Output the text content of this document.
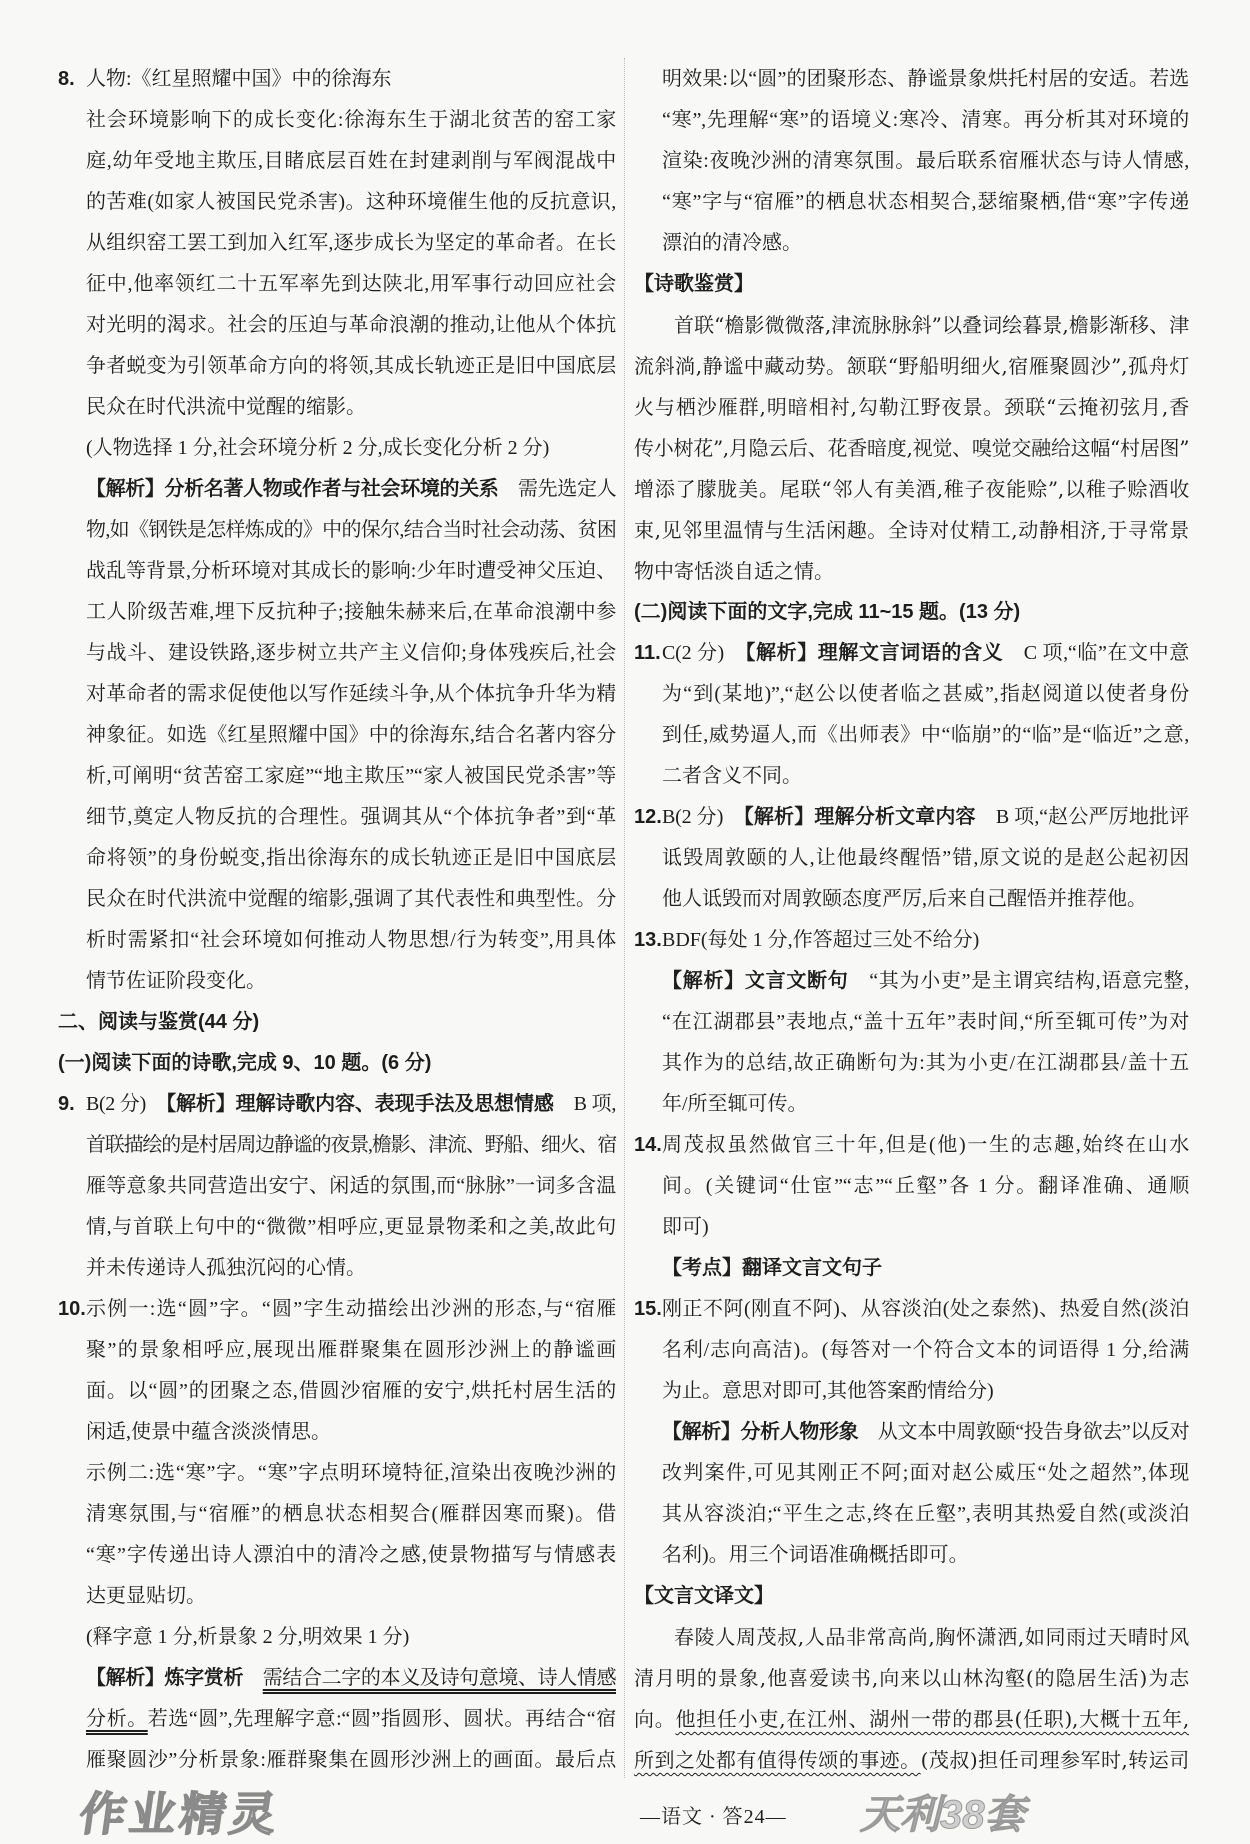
8. 人物:《红星照耀中国》中的徐海东
社会环境影响下的成长变化:徐海东生于湖北贫苦的窑工家
庭,幼年受地主欺压,目睹底层百姓在封建剥削与军阀混战中
的苦难(如家人被国民党杀害)。这种环境催生他的反抗意识,
从组织窑工罢工到加入红军,逐步成长为坚定的革命者。在长
征中,他率领红二十五军率先到达陕北,用军事行动回应社会
对光明的渴求。社会的压迫与革命浪潮的推动,让他从个体抗
争者蜕变为引领革命方向的将领,其成长轨迹正是旧中国底层
民众在时代洪流中觉醒的缩影。
(人物选择 1 分,社会环境分析 2 分,成长变化分析 2 分)
【解析】分析名著人物或作者与社会环境的关系　需先选定人
物,如《钢铁是怎样炼成的》中的保尔,结合当时社会动荡、贫困
战乱等背景,分析环境对其成长的影响:少年时遭受神父压迫、
工人阶级苦难,埋下反抗种子;接触朱赫来后,在革命浪潮中参
与战斗、建设铁路,逐步树立共产主义信仰;身体残疾后,社会
对革命者的需求促使他以写作延续斗争,从个体抗争升华为精
神象征。如选《红星照耀中国》中的徐海东,结合名著内容分
析,可阐明“贫苦窑工家庭”“地主欺压”“家人被国民党杀害”等
细节,奠定人物反抗的合理性。强调其从“个体抗争者”到“革
命将领”的身份蜕变,指出徐海东的成长轨迹正是旧中国底层
民众在时代洪流中觉醒的缩影,强调了其代表性和典型性。分
析时需紧扣“社会环境如何推动人物思想/行为转变”,用具体
情节佐证阶段变化。
二、阅读与鉴赏(44 分)
(一)阅读下面的诗歌,完成 9、10 题。(6 分)
9. B(2 分)　【解析】理解诗歌内容、表现手法及思想情感　B 项,
首联描绘的是村居周边静谧的夜景,檐影、津流、野船、细火、宿
雁等意象共同营造出安宁、闲适的氛围,而“脉脉”一词多含温
情,与首联上句中的“微微”相呼应,更显景物柔和之美,故此句
并未传递诗人孤独沉闷的心情。
10. 示例一:选“圆”字。“圆”字生动描绘出沙洲的形态,与“宿雁
聚”的景象相呼应,展现出雁群聚集在圆形沙洲上的静谧画
面。以“圆”的团聚之态,借圆沙宿雁的安宁,烘托村居生活的
闲适,使景中蕴含淡淡情思。
示例二:选“寒”字。“寒”字点明环境特征,渲染出夜晚沙洲的
清寒氛围,与“宿雁”的栖息状态相契合(雁群因寒而聚)。借
“寒”字传递出诗人漂泊中的清冷之感,使景物描写与情感表
达更显贴切。
(释字意 1 分,析景象 2 分,明效果 1 分)
【解析】炼字赏析　 需结合二字的本义及诗句意境、诗人情感
分析。若选“圆”,先理解字意:“圆”指圆形、圆状。再结合“宿
雁聚圆沙”分析景象:雁群聚集在圆形沙洲上的画面。最后点
明效果:以“圆”的团聚形态、静谧景象烘托村居的安适。若选
“寒”,先理解“寒”的语境义:寒冷、清寒。再分析其对环境的
渲染:夜晚沙洲的清寒氛围。最后联系宿雁状态与诗人情感,
“寒”字与“宿雁”的栖息状态相契合,瑟缩聚栖,借“寒”字传递
漂泊的清冷感。
【诗歌鉴赏】
首联“檐影微微落,津流脉脉斜”以叠词绘暮景,檐影渐移、津
流斜淌,静谧中藏动势。颔联“野船明细火,宿雁聚圆沙”,孤舟灯
火与栖沙雁群,明暗相衬,勾勒江野夜景。颈联“云掩初弦月,香
传小树花”,月隐云后、花香暗度,视觉、嗅觉交融给这幅“村居图”
增添了朦胧美。尾联“邻人有美酒,稚子夜能赊”,以稚子赊酒收
束,见邻里温情与生活闲趣。全诗对仗精工,动静相济,于寻常景
物中寄恬淡自适之情。
(二)阅读下面的文字,完成 11~15 题。(13 分)
11. C(2 分)　【解析】理解文言词语的含义　C 项,“临”在文中意
为“到(某地)”,“赵公以使者临之甚威”,指赵阅道以使者身份
到任,威势逼人,而《出师表》中“临崩”的“临”是“临近”之意,
二者含义不同。
12. B(2 分)　【解析】理解分析文章内容　B 项,“赵公严厉地批评
诋毁周敦颐的人,让他最终醒悟”错,原文说的是赵公起初因
他人诋毁而对周敦颐态度严厉,后来自己醒悟并推荐他。
13. BDF(每处 1 分,作答超过三处不给分)
【解析】文言文断句　“其为小吏”是主谓宾结构,语意完整,
“在江湖郡县”表地点,“盖十五年”表时间,“所至辄可传”为对
其作为的总结,故正确断句为:其为小吏/在江湖郡县/盖十五
年/所至辄可传。
14. 周茂叔虽然做官三十年,但是(他)一生的志趣,始终在山水
间。(关键词“仕宦”“志”“丘壑”各 1 分。翻译准确、通顺
即可)
【考点】翻译文言文句子
15. 刚正不阿(刚直不阿)、从容淡泊(处之泰然)、热爱自然(淡泊
名利/志向高洁)。(每答对一个符合文本的词语得 1 分,给满
为止。意思对即可,其他答案酌情给分)
【解析】分析人物形象　从文本中周敦颐“投告身欲去”以反对
改判案件,可见其刚正不阿;面对赵公威压“处之超然”,体现
其从容淡泊;“平生之志,终在丘壑”,表明其热爱自然(或淡泊
名利)。用三个词语准确概括即可。
【文言文译文】
春陵人周茂叔,人品非常高尚,胸怀潇洒,如同雨过天晴时风
清月明的景象,他喜爱读书,向来以山林沟壑(的隐居生活)为志
向。他担任小吏,在江州、湖州一带的郡县(任职),大概十五年,
所到之处都有值得传颂的事迹。(茂叔)担任司理参军时,转运司
—语文 · 答24—
作业精灵	天利38套
